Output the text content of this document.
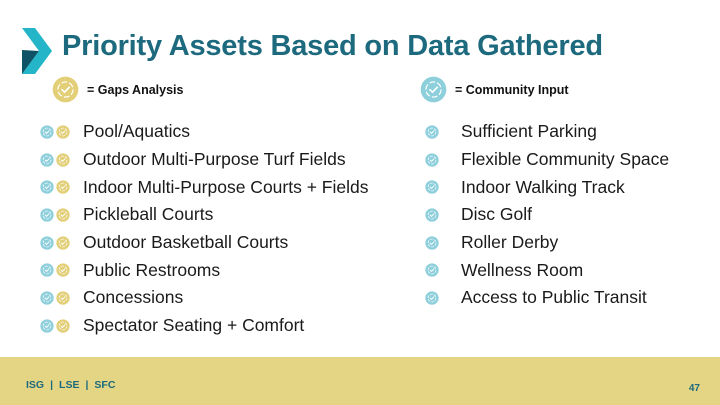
Priority Assets Based on Data Gathered
= Gaps Analysis	= Community Input
Pool/Aquatics
Outdoor Multi-Purpose Turf Fields
Indoor Multi-Purpose Courts + Fields
Pickleball Courts
Outdoor Basketball Courts
Public Restrooms
Concessions
Spectator Seating + Comfort
Sufficient Parking
Flexible Community Space
Indoor Walking Track
Disc Golf
Roller Derby
Wellness Room
Access to Public Transit
ISG | LSE | SFC	47
